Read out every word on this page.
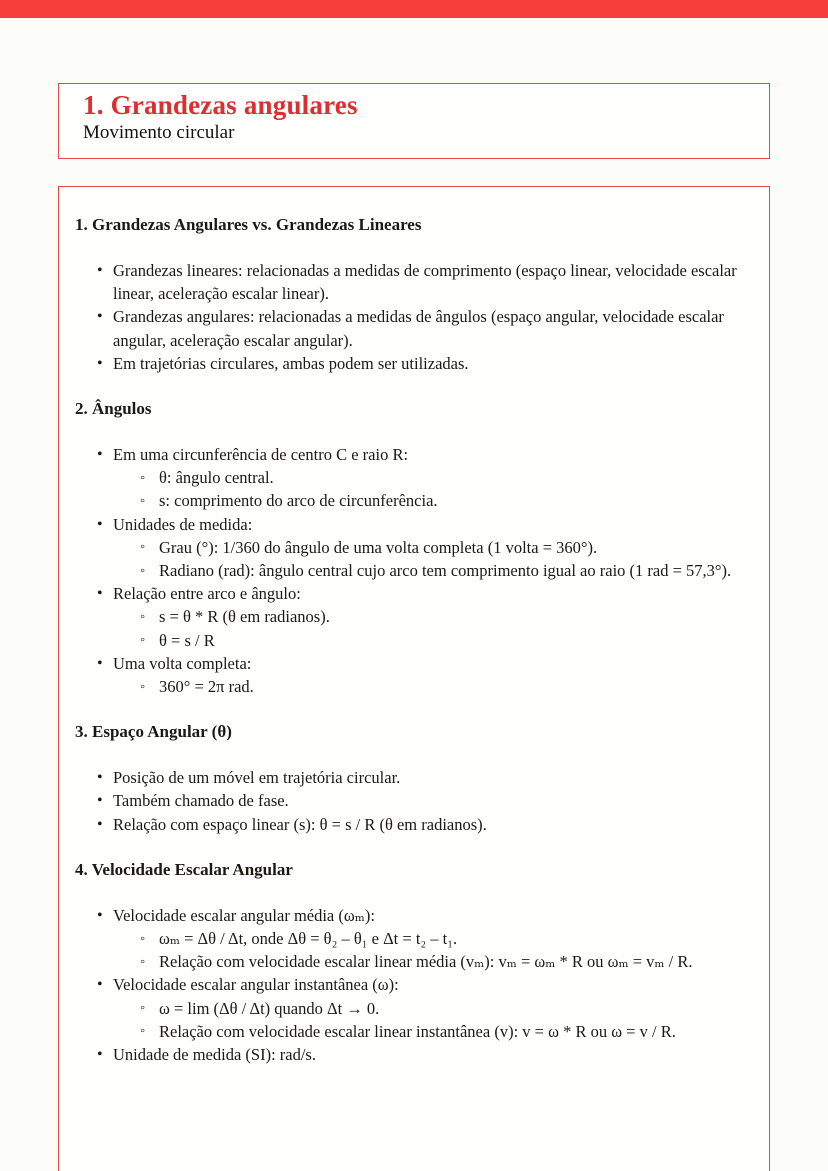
1. Grandezas angulares
Movimento circular
1. Grandezas Angulares vs. Grandezas Lineares
• Grandezas lineares: relacionadas a medidas de comprimento (espaço linear, velocidade escalar linear, aceleração escalar linear).
• Grandezas angulares: relacionadas a medidas de ângulos (espaço angular, velocidade escalar angular, aceleração escalar angular).
• Em trajetórias circulares, ambas podem ser utilizadas.
2. Ângulos
• Em uma circunferência de centro C e raio R:
◦ θ: ângulo central.
◦ s: comprimento do arco de circunferência.
• Unidades de medida:
◦ Grau (°): 1/360 do ângulo de uma volta completa (1 volta = 360°).
◦ Radiano (rad): ângulo central cujo arco tem comprimento igual ao raio (1 rad = 57,3°).
• Relação entre arco e ângulo:
◦ s = θ * R (θ em radianos).
◦ θ = s / R
• Uma volta completa:
◦ 360° = 2π rad.
3. Espaço Angular (θ)
• Posição de um móvel em trajetória circular.
• Também chamado de fase.
• Relação com espaço linear (s): θ = s / R (θ em radianos).
4. Velocidade Escalar Angular
• Velocidade escalar angular média (ωₘ):
◦ ωₘ = Δθ / Δt, onde Δθ = θ₂ – θ₁ e Δt = t₂ – t₁.
◦ Relação com velocidade escalar linear média (vₘ): vₘ = ωₘ * R ou ωₘ = vₘ / R.
• Velocidade escalar angular instantânea (ω):
◦ ω = lim (Δθ / Δt) quando Δt → 0.
◦ Relação com velocidade escalar linear instantânea (v): v = ω * R ou ω = v / R.
• Unidade de medida (SI): rad/s.
